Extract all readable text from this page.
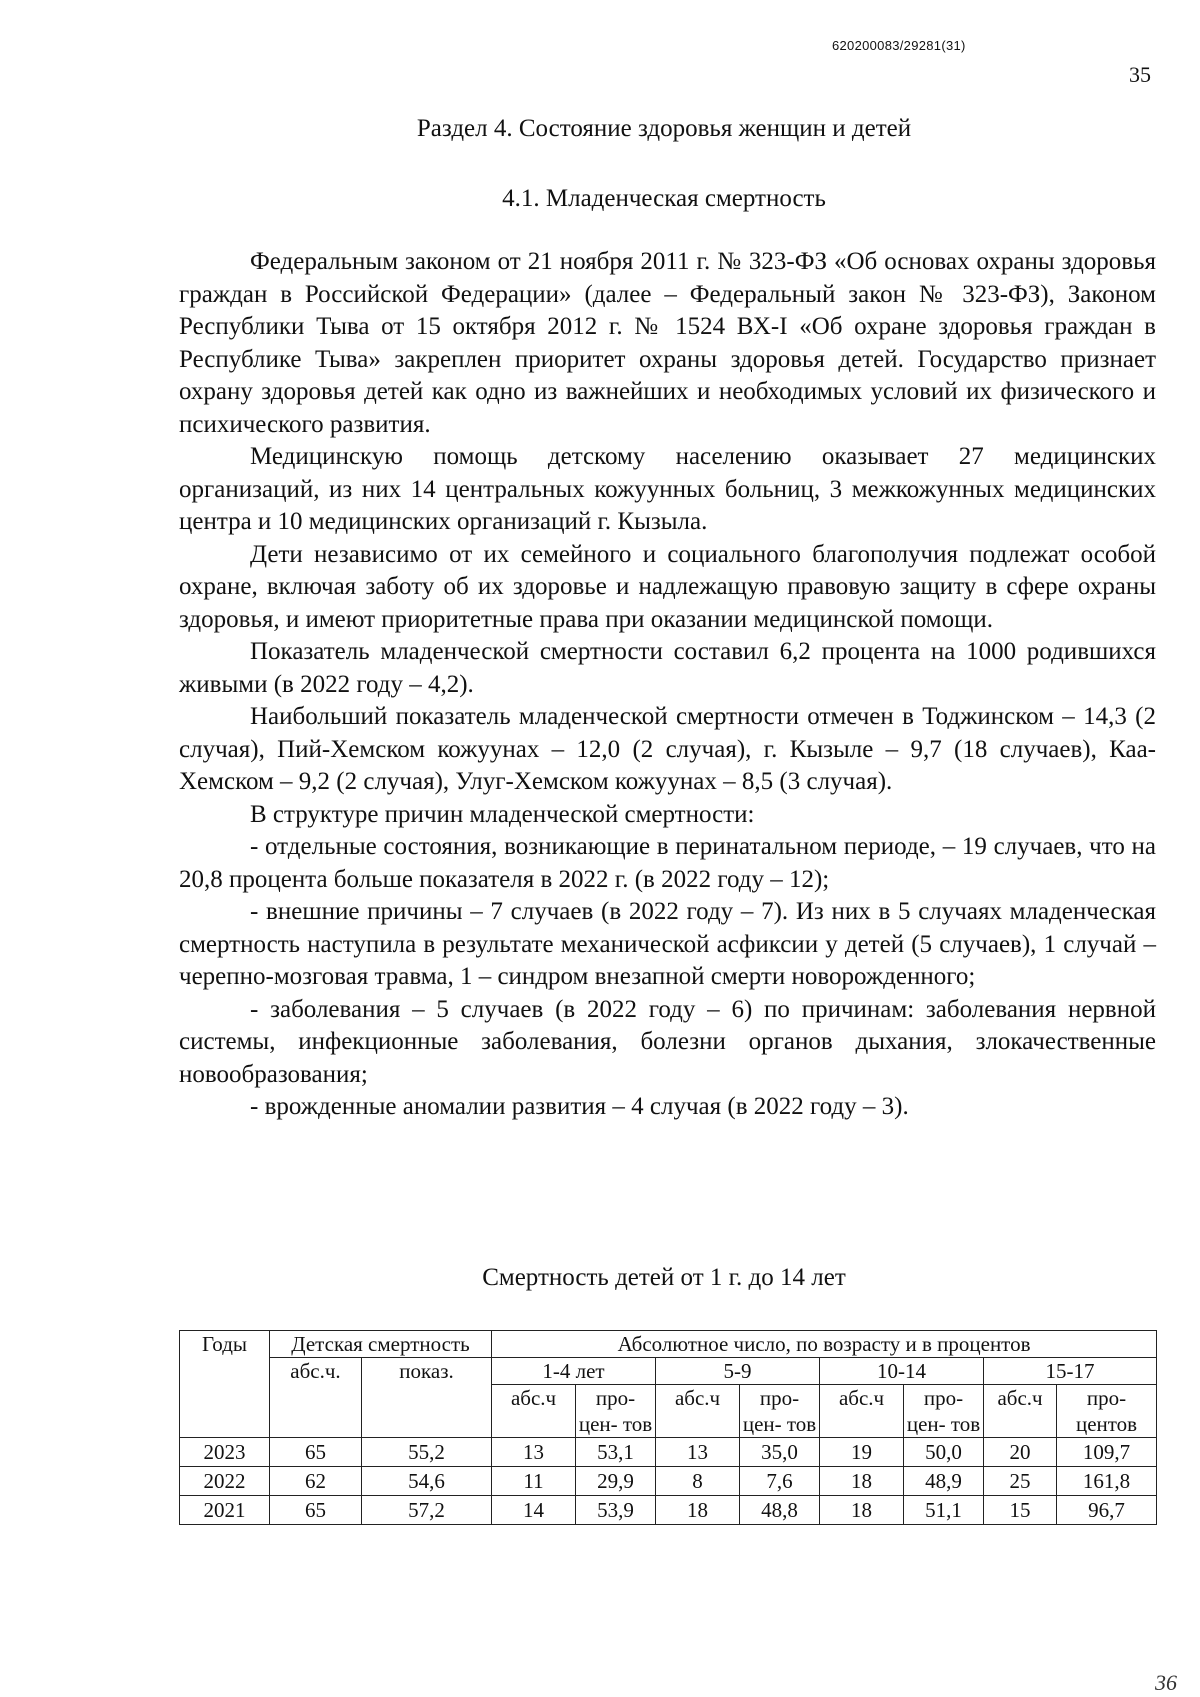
620200083/29281(31)
35
Раздел 4. Состояние здоровья женщин и детей
4.1. Младенческая смертность

Федеральным законом от 21 ноября 2011 г. № 323-ФЗ «Об основах охраны здоровья граждан в Российской Федерации» (далее – Федеральный закон № 323-ФЗ), Законом Республики Тыва от 15 октября 2012 г. № 1524 ВХ-I «Об охране здоровья граждан в Республике Тыва» закреплен приоритет охраны здоровья детей. Государство признает охрану здоровья детей как одно из важнейших и необходимых условий их физического и психического развития.

Медицинскую помощь детскому населению оказывает 27 медицинских организаций, из них 14 центральных кожуунных больниц, 3 межкожунных медицинских центра и 10 медицинских организаций г. Кызыла.

Дети независимо от их семейного и социального благополучия подлежат особой охране, включая заботу об их здоровье и надлежащую правовую защиту в сфере охраны здоровья, и имеют приоритетные права при оказании медицинской помощи.

Показатель младенческой смертности составил 6,2 процента на 1000 родившихся живыми (в 2022 году – 4,2).

Наибольший показатель младенческой смертности отмечен в Тоджинском – 14,3 (2 случая), Пий-Хемском кожуунах – 12,0 (2 случая), г. Кызыле – 9,7 (18 случаев), Каа-Хемском – 9,2 (2 случая), Улуг-Хемском кожуунах – 8,5 (3 случая).

В структуре причин младенческой смертности:

- отдельные состояния, возникающие в перинатальном периоде, – 19 случаев, что на 20,8 процента больше показателя в 2022 г. (в 2022 году – 12);

- внешние причины – 7 случаев (в 2022 году – 7). Из них в 5 случаях младенческая смертность наступила в результате механической асфиксии у детей (5 случаев), 1 случай – черепно-мозговая травма, 1 – синдром внезапной смерти новорожденного;

- заболевания – 5 случаев (в 2022 году – 6) по причинам: заболевания нервной системы, инфекционные заболевания, болезни органов дыхания, злокачественные новообразования;

- врожденные аномалии развития – 4 случая (в 2022 году – 3).

Смертность детей от 1 г. до 14 лет
Годы	Детская смертность		Абсолютное число, по возрасту и в процентов							
	абс.ч.	показ.	1-4 лет		5-9		10-14		15-17	
			абс.ч	про- цен- тов	абс.ч	про- цен- тов	абс.ч	про- цен- тов	абс.ч	про- центов
2023	65	55,2	13	53,1	13	35,0	19	50,0	20	109,7
2022	62	54,6	11	29,9	8	7,6	18	48,9	25	161,8
2021	65	57,2	14	53,9	18	48,8	18	51,1	15	96,7
36
